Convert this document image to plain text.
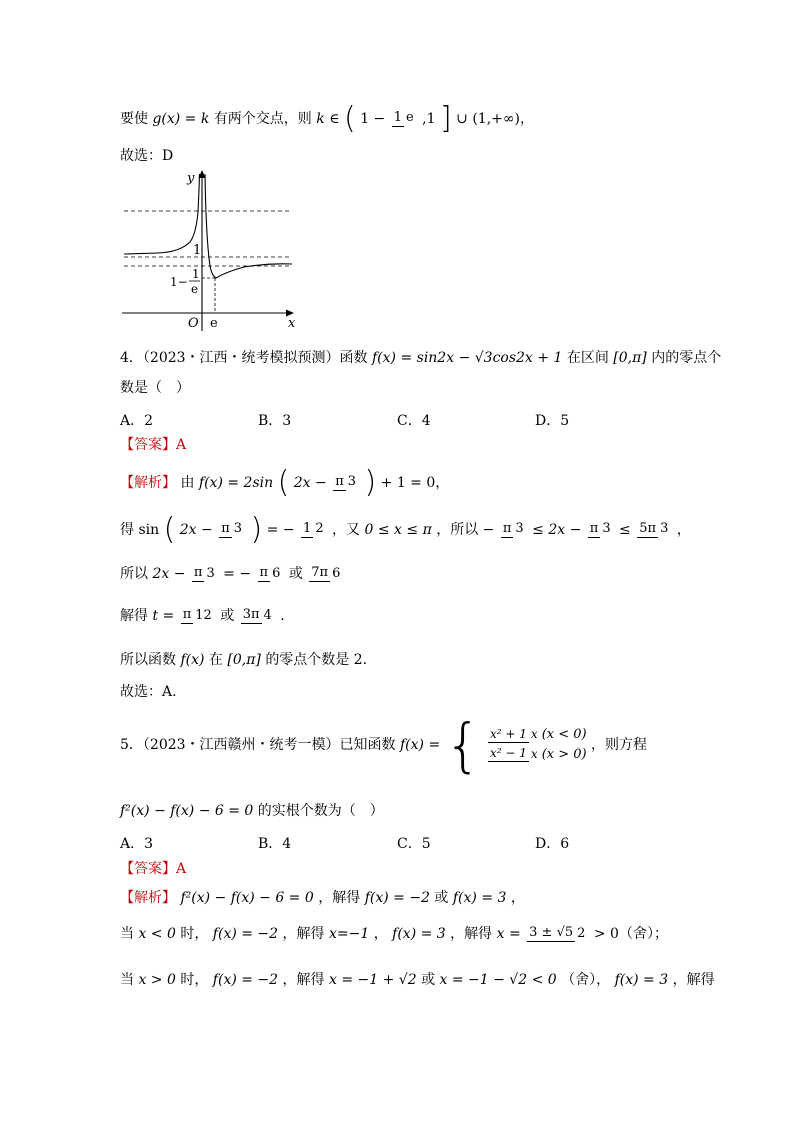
要使 g(x) = k 有两个交点，则 k ∈ ( 1 − 1 e ,1 ] ∪ (1,+∞)，
故选：D
y
x
O e
1
1−
1
e
4．（2023・江西・统考模拟预测）函数 f(x) = sin2x − √3cos2x + 1 在区间 [0,π] 内的零点个
数是（　）
A．2	B．3	C．4	D．5
【答案】A
【解析】 由 f(x) = 2sin ( 2x − π 3 ) + 1 = 0，
得 sin ( 2x − π 3 ) = − 1 2 ，又 0 ≤ x ≤ π ，所以 − π 3 ≤ 2x − π 3 ≤ 5π 3 ，
所以 2x − π 3 = − π 6 或 7π 6
解得 t = π 12 或 3π 4 .
所以函数 f(x) 在 [0,π] 的零点个数是 2.
故选：A.
5．（2023・江西赣州・统考一模）已知函数 f(x) = { x² + 1 x (x < 0)
x² − 1 x (x > 0)
，则方程
f²(x) − f(x) − 6 = 0 的实根个数为（　）
A．3	B．4	C．5	D．6
【答案】A
【解析】 f²(x) − f(x) − 6 = 0 ，解得 f(x) = −2 或 f(x) = 3 ，
当 x < 0 时， f(x) = −2 ，解得 x=−1 ， f(x) = 3 ，解得 x = 3 ± √5 2 > 0（舍）；
当 x > 0 时， f(x) = −2 ，解得 x = −1 + √2 或 x = −1 − √2 < 0 （舍）， f(x) = 3 ，解得
